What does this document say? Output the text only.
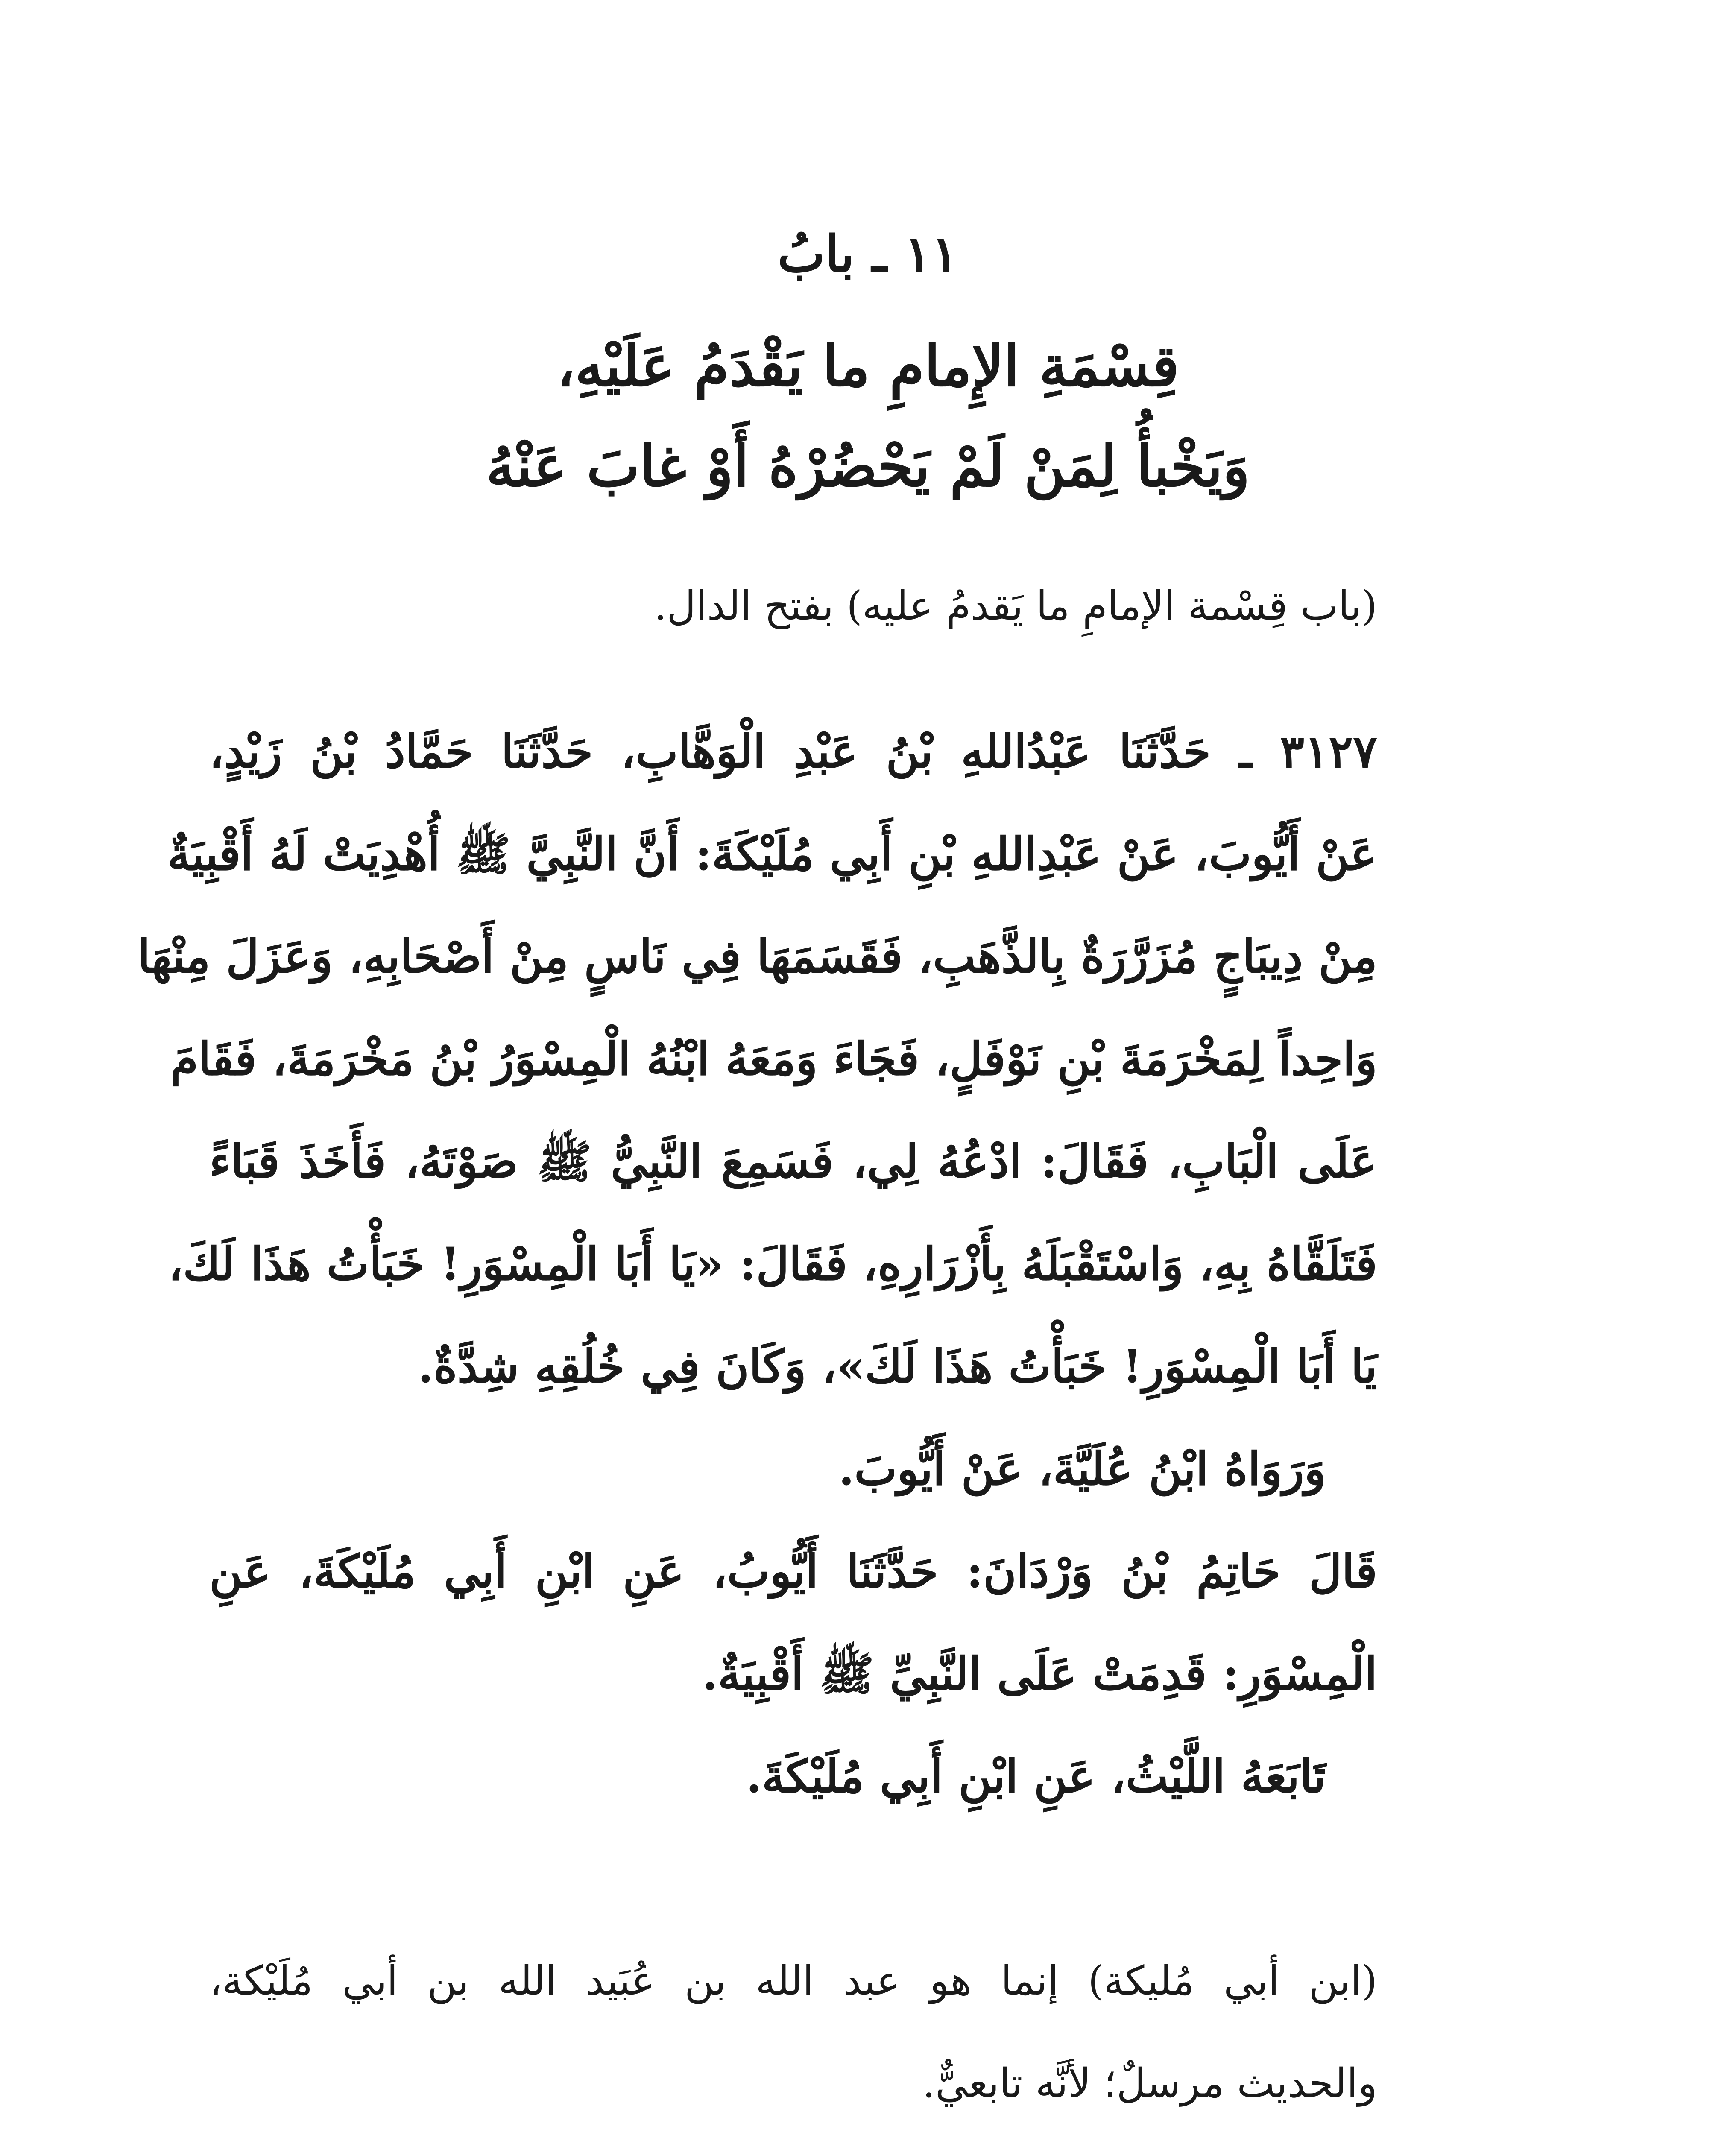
١١ ـ بابُ
قِسْمَةِ الإِمامِ ما يَقْدَمُ عَلَيْهِ،
وَيَخْبأُ لِمَنْ لَمْ يَحْضُرْهُ أَوْ غابَ عَنْهُ
(باب قِسْمة الإمامِ ما يَقدمُ عليه) بفتح الدال.
٣١٢٧ ـ حَدَّثَنَا عَبْدُاللهِ بْنُ عَبْدِ الْوَهَّابِ، حَدَّثَنَا حَمَّادُ بْنُ زَيْدٍ،
عَنْ أَيُّوبَ، عَنْ عَبْدِاللهِ بْنِ أَبِي مُلَيْكَةَ: أَنَّ النَّبِيَّ ﷺ أُهْدِيَتْ لَهُ أَقْبِيَةٌ
مِنْ دِيبَاجٍ مُزَرَّرَةٌ بِالذَّهَبِ، فَقَسَمَهَا فِي نَاسٍ مِنْ أَصْحَابِهِ، وَعَزَلَ مِنْهَا
وَاحِداً لِمَخْرَمَةَ بْنِ نَوْفَلٍ، فَجَاءَ وَمَعَهُ ابْنُهُ الْمِسْوَرُ بْنُ مَخْرَمَةَ، فَقَامَ
عَلَى الْبَابِ، فَقَالَ: ادْعُهُ لِي، فَسَمِعَ النَّبِيُّ ﷺ صَوْتَهُ، فَأَخَذَ قَبَاءً
فَتَلَقَّاهُ بِهِ، وَاسْتَقْبَلَهُ بِأَزْرَارِهِ، فَقَالَ: «يَا أَبَا الْمِسْوَرِ! خَبَأْتُ هَذَا لَكَ،
يَا أَبَا الْمِسْوَرِ! خَبَأْتُ هَذَا لَكَ»، وَكَانَ فِي خُلُقِهِ شِدَّةٌ.
وَرَوَاهُ ابْنُ عُلَيَّةَ، عَنْ أَيُّوبَ.
قَالَ حَاتِمُ بْنُ وَرْدَانَ: حَدَّثَنَا أَيُّوبُ، عَنِ ابْنِ أَبِي مُلَيْكَةَ، عَنِ
الْمِسْوَرِ: قَدِمَتْ عَلَى النَّبِيِّ ﷺ أَقْبِيَةٌ.
تَابَعَهُ اللَّيْثُ، عَنِ ابْنِ أَبِي مُلَيْكَةَ.
(ابن أبي مُليكة) إنما هو عبد الله بن عُبَيد الله بن أبي مُلَيْكة،
والحديث مرسلٌ؛ لأنَّه تابعيٌّ.
